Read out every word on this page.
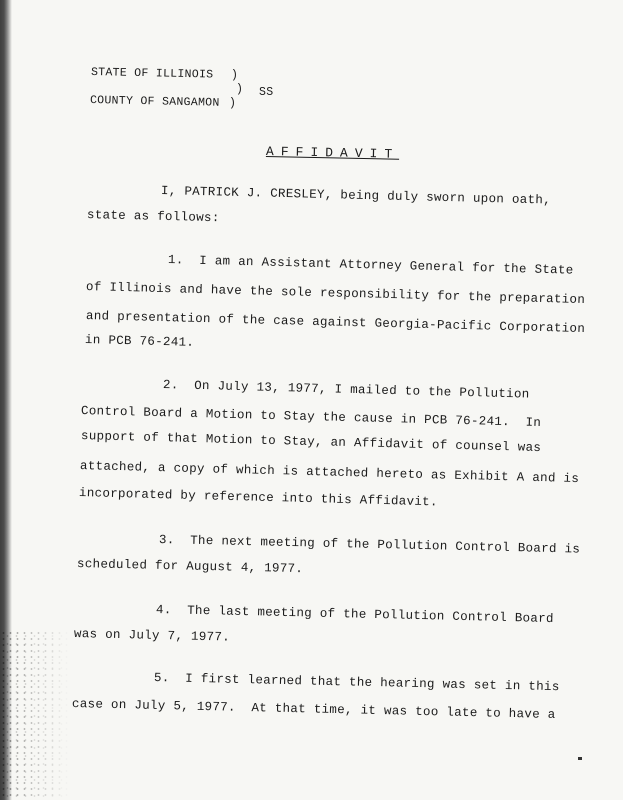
STATE OF ILLINOIS )
) SS
COUNTY OF SANGAMON )
AFFIDAVIT
I, PATRICK J. CRESLEY, being duly sworn upon oath,
state as follows:
1.  I am an Assistant Attorney General for the State
of Illinois and have the sole responsibility for the preparation
and presentation of the case against Georgia-Pacific Corporation
in PCB 76-241.
2.  On July 13, 1977, I mailed to the Pollution
Control Board a Motion to Stay the cause in PCB 76-241.  In
support of that Motion to Stay, an Affidavit of counsel was
attached, a copy of which is attached hereto as Exhibit A and is
incorporated by reference into this Affidavit.
3.  The next meeting of the Pollution Control Board is
scheduled for August 4, 1977.
4.  The last meeting of the Pollution Control Board
was on July 7, 1977.
5.  I first learned that the hearing was set in this
case on July 5, 1977.  At that time, it was too late to have a
